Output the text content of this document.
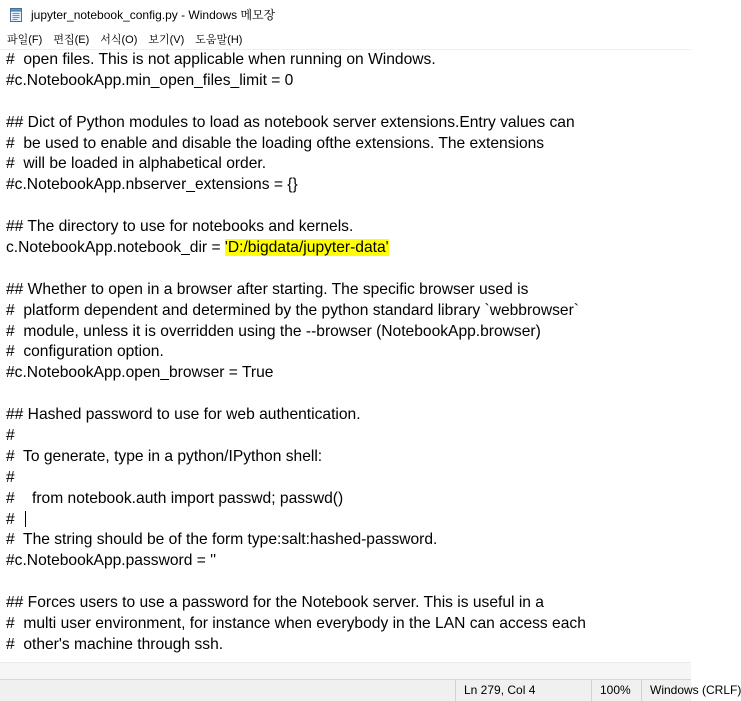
jupyter_notebook_config.py - Windows 메모장
파일(F)	편집(E)	서식(O)	보기(V)	도움말(H)
#  open files. This is not applicable when running on Windows.
#c.NotebookApp.min_open_files_limit = 0
## Dict of Python modules to load as notebook server extensions.Entry values can
#  be used to enable and disable the loading ofthe extensions. The extensions
#  will be loaded in alphabetical order.
#c.NotebookApp.nbserver_extensions = {}
## The directory to use for notebooks and kernels.
c.NotebookApp.notebook_dir = 'D:/bigdata/jupyter-data'
## Whether to open in a browser after starting. The specific browser used is
#  platform dependent and determined by the python standard library `webbrowser`
#  module, unless it is overridden using the --browser (NotebookApp.browser)
#  configuration option.
#c.NotebookApp.open_browser = True
## Hashed password to use for web authentication.
#
#  To generate, type in a python/IPython shell:
#
#    from notebook.auth import passwd; passwd()
#
#  The string should be of the form type:salt:hashed-password.
#c.NotebookApp.password = ''
## Forces users to use a password for the Notebook server. This is useful in a
#  multi user environment, for instance when everybody in the LAN can access each
#  other's machine through ssh.
Ln 279, Col 4	100%	Windows (CRLF)
